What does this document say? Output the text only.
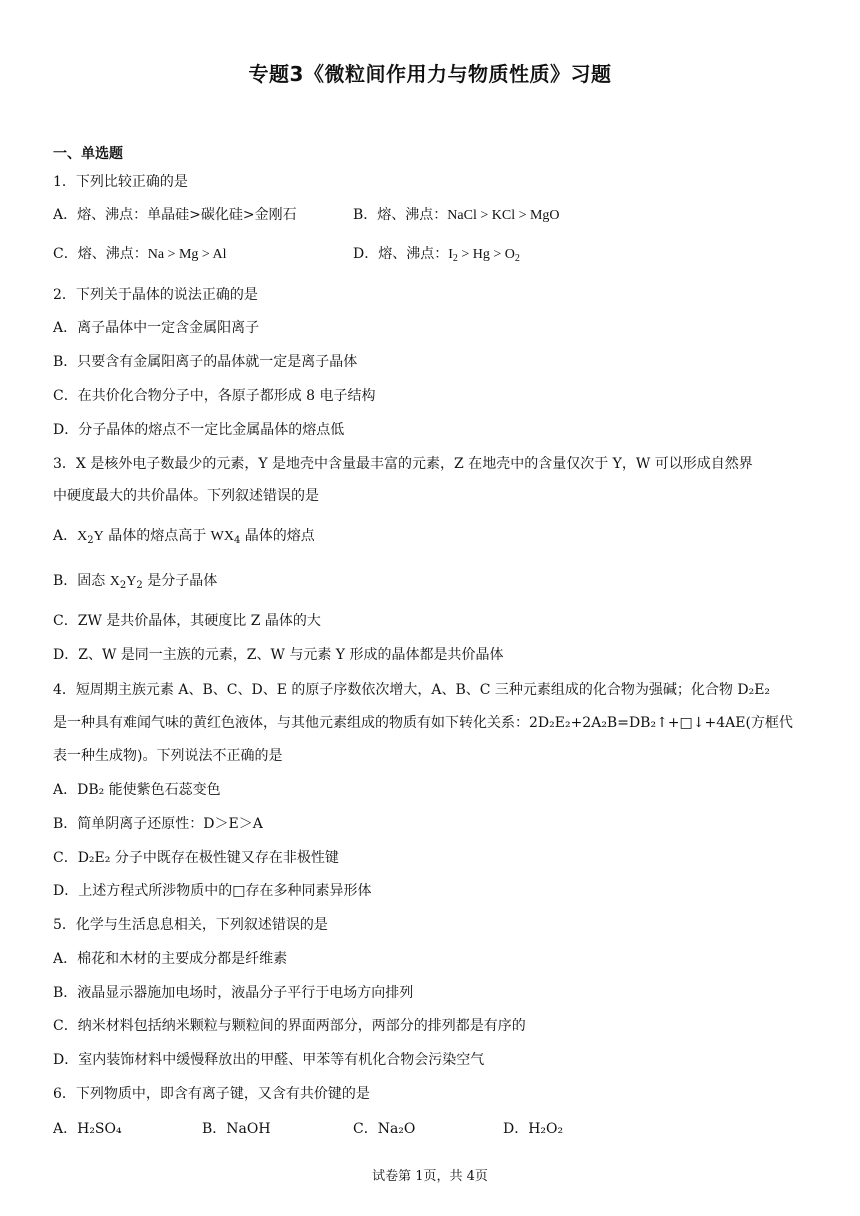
专题3《微粒间作用力与物质性质》习题
一、单选题
1．下列比较正确的是
A．熔、沸点：单晶硅>碳化硅>金刚石	B．熔、沸点：NaCl > KCl > MgO
C．熔、沸点：Na > Mg > Al	D．熔、沸点：$I_2 > Hg > O_2$
2．下列关于晶体的说法正确的是
A．离子晶体中一定含金属阳离子
B．只要含有金属阳离子的晶体就一定是离子晶体
C．在共价化合物分子中，各原子都形成 8 电子结构
D．分子晶体的熔点不一定比金属晶体的熔点低
3．X 是核外电子数最少的元素，Y 是地壳中含量最丰富的元素，Z 在地壳中的含量仅次于 Y，W 可以形成自然界
中硬度最大的共价晶体。下列叙述错误的是
A．$X_2Y$ 晶体的熔点高于 $WX_4$ 晶体的熔点
B．固态 $X_2Y_2$ 是分子晶体
C．ZW 是共价晶体，其硬度比 Z 晶体的大
D．Z、W 是同一主族的元素，Z、W 与元素 Y 形成的晶体都是共价晶体
4．短周期主族元素 A、B、C、D、E 的原子序数依次增大，A、B、C 三种元素组成的化合物为强碱；化合物 D₂E₂
是一种具有难闻气味的黄红色液体，与其他元素组成的物质有如下转化关系：2D₂E₂+2A₂B=DB₂↑+□↓+4AE(方框代
表一种生成物)。下列说法不正确的是
A．DB₂ 能使紫色石蕊变色
B．简单阴离子还原性：D＞E＞A
C．D₂E₂ 分子中既存在极性键又存在非极性键
D．上述方程式所涉物质中的□存在多种同素异形体
5．化学与生活息息相关，下列叙述错误的是
A．棉花和木材的主要成分都是纤维素
B．液晶显示器施加电场时，液晶分子平行于电场方向排列
C．纳米材料包括纳米颗粒与颗粒间的界面两部分，两部分的排列都是有序的
D．室内装饰材料中缓慢释放出的甲醛、甲苯等有机化合物会污染空气
6．下列物质中，即含有离子键，又含有共价键的是
A．H₂SO₄	B．NaOH	C．Na₂O	D．H₂O₂
试卷第 1页，共 4页
